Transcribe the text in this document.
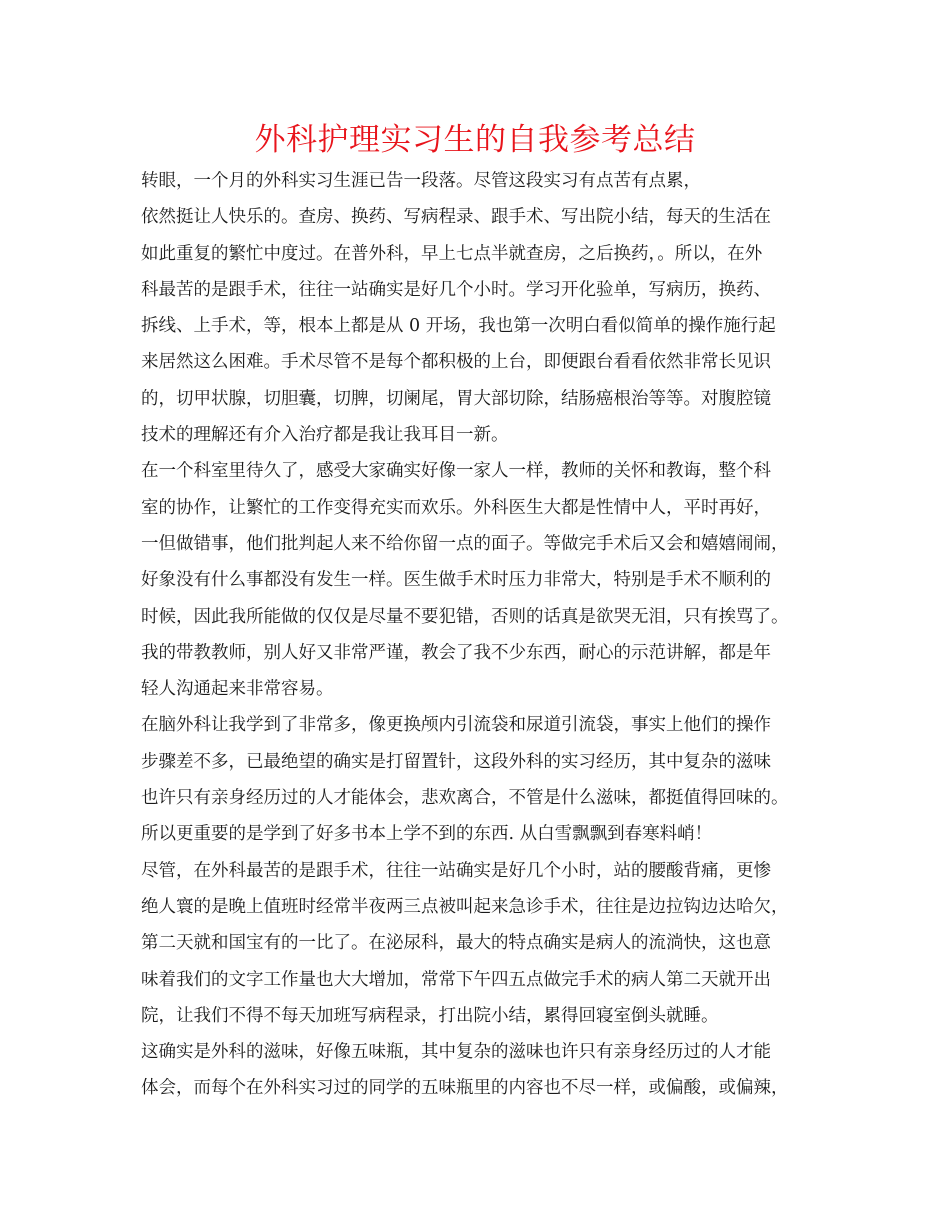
外科护理实习生的自我参考总结
转眼，一个月的外科实习生涯已告一段落。尽管这段实习有点苦有点累，
依然挺让人快乐的。查房、换药、写病程录、跟手术、写出院小结，每天的生活在
如此重复的繁忙中度过。在普外科，早上七点半就查房，之后换药，。所以，在外
科最苦的是跟手术，往往一站确实是好几个小时。学习开化验单，写病历，换药、
拆线、上手术，等，根本上都是从 0 开场，我也第一次明白看似简单的操作施行起
来居然这么困难。手术尽管不是每个都积极的上台，即便跟台看看依然非常长见识
的，切甲状腺，切胆囊，切脾，切阑尾，胃大部切除，结肠癌根治等等。对腹腔镜
技术的理解还有介入治疗都是我让我耳目一新。
在一个科室里待久了，感受大家确实好像一家人一样，教师的关怀和教诲，整个科
室的协作，让繁忙的工作变得充实而欢乐。外科医生大都是性情中人，平时再好，
一但做错事，他们批判起人来不给你留一点的面子。等做完手术后又会和嬉嬉闹闹，
好象没有什么事都没有发生一样。医生做手术时压力非常大，特别是手术不顺利的
时候，因此我所能做的仅仅是尽量不要犯错，否则的话真是欲哭无泪，只有挨骂了。
我的带教教师，别人好又非常严谨，教会了我不少东西，耐心的示范讲解，都是年
轻人沟通起来非常容易。
在脑外科让我学到了非常多，像更换颅内引流袋和尿道引流袋，事实上他们的操作
步骤差不多，已最绝望的确实是打留置针，这段外科的实习经历，其中复杂的滋味
也许只有亲身经历过的人才能体会，悲欢离合，不管是什么滋味，都挺值得回味的。
所以更重要的是学到了好多书本上学不到的东西. 从白雪飘飘到春寒料峭！
尽管，在外科最苦的是跟手术，往往一站确实是好几个小时，站的腰酸背痛，更惨
绝人寰的是晚上值班时经常半夜两三点被叫起来急诊手术，往往是边拉钩边达哈欠，
第二天就和国宝有的一比了。在泌尿科，最大的特点确实是病人的流淌快，这也意
味着我们的文字工作量也大大增加，常常下午四五点做完手术的病人第二天就开出
院，让我们不得不每天加班写病程录，打出院小结，累得回寝室倒头就睡。
这确实是外科的滋味，好像五味瓶，其中复杂的滋味也许只有亲身经历过的人才能
体会，而每个在外科实习过的同学的五味瓶里的内容也不尽一样，或偏酸，或偏辣，
